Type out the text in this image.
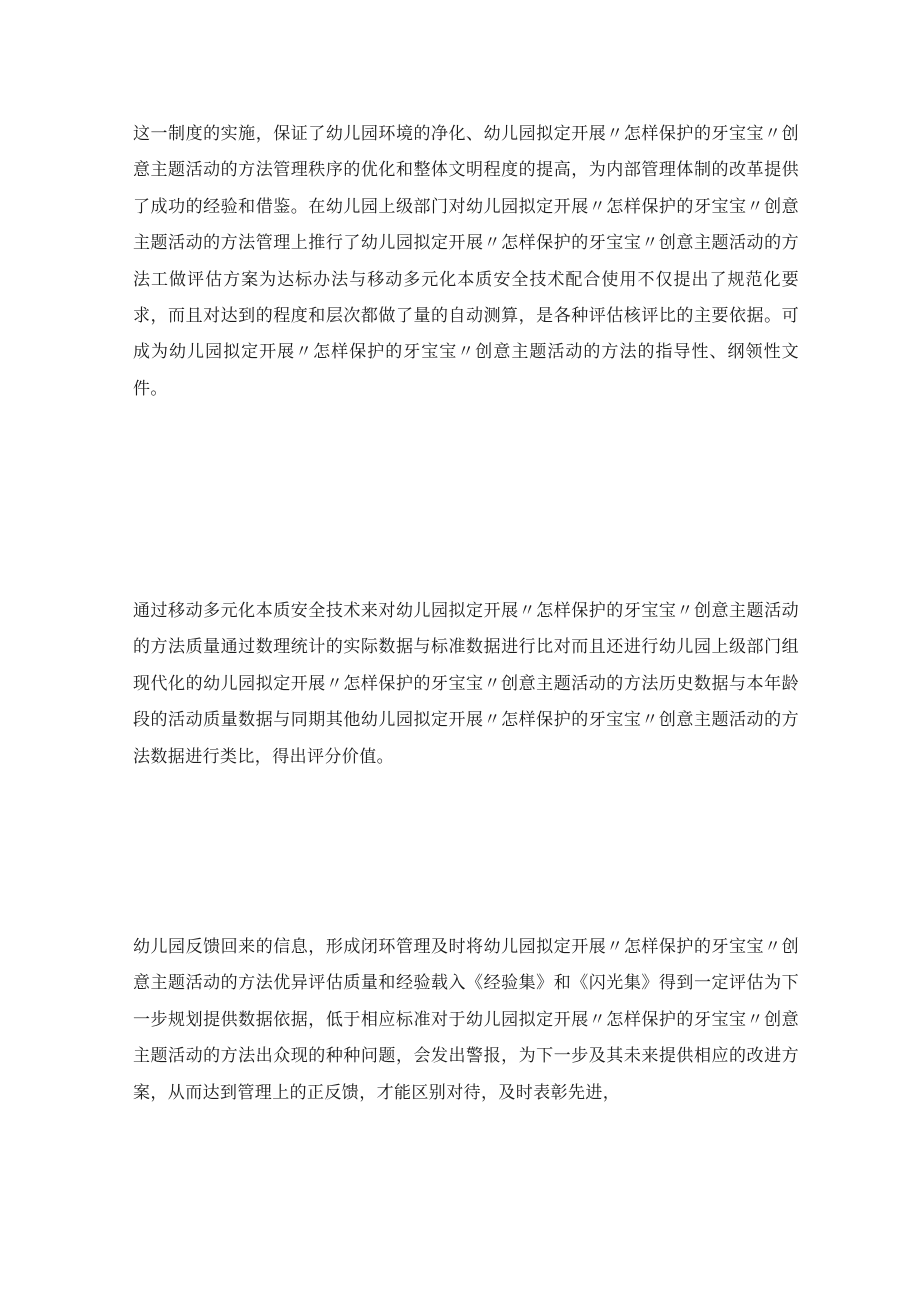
这一制度的实施，保证了幼儿园环境的净化、幼儿园拟定开展〃怎样保护的牙宝宝〃创意主题活动的方法管理秩序的优化和整体文明程度的提高，为内部管理体制的改革提供了成功的经验和借鉴。在幼儿园上级部门对幼儿园拟定开展〃怎样保护的牙宝宝〃创意主题活动的方法管理上推行了幼儿园拟定开展〃怎样保护的牙宝宝〃创意主题活动的方法工做评估方案为达标办法与移动多元化本质安全技术配合使用不仅提出了规范化要求，而且对达到的程度和层次都做了量的自动测算，是各种评估核评比的主要依据。可成为幼儿园拟定开展〃怎样保护的牙宝宝〃创意主题活动的方法的指导性、纲领性文件。

通过移动多元化本质安全技术来对幼儿园拟定开展〃怎样保护的牙宝宝〃创意主题活动的方法质量通过数理统计的实际数据与标准数据进行比对而且还进行幼儿园上级部门组现代化的幼儿园拟定开展〃怎样保护的牙宝宝〃创意主题活动的方法历史数据与本年龄段的活动质量数据与同期其他幼儿园拟定开展〃怎样保护的牙宝宝〃创意主题活动的方法数据进行类比，得出评分价值。

幼儿园反馈回来的信息，形成闭环管理及时将幼儿园拟定开展〃怎样保护的牙宝宝〃创意主题活动的方法优异评估质量和经验载入《经验集》和《闪光集》得到一定评估为下一步规划提供数据依据，低于相应标准对于幼儿园拟定开展〃怎样保护的牙宝宝〃创意主题活动的方法出众现的种种问题，会发出警报，为下一步及其未来提供相应的改进方案，从而达到管理上的正反馈，才能区别对待，及时表彰先进，
